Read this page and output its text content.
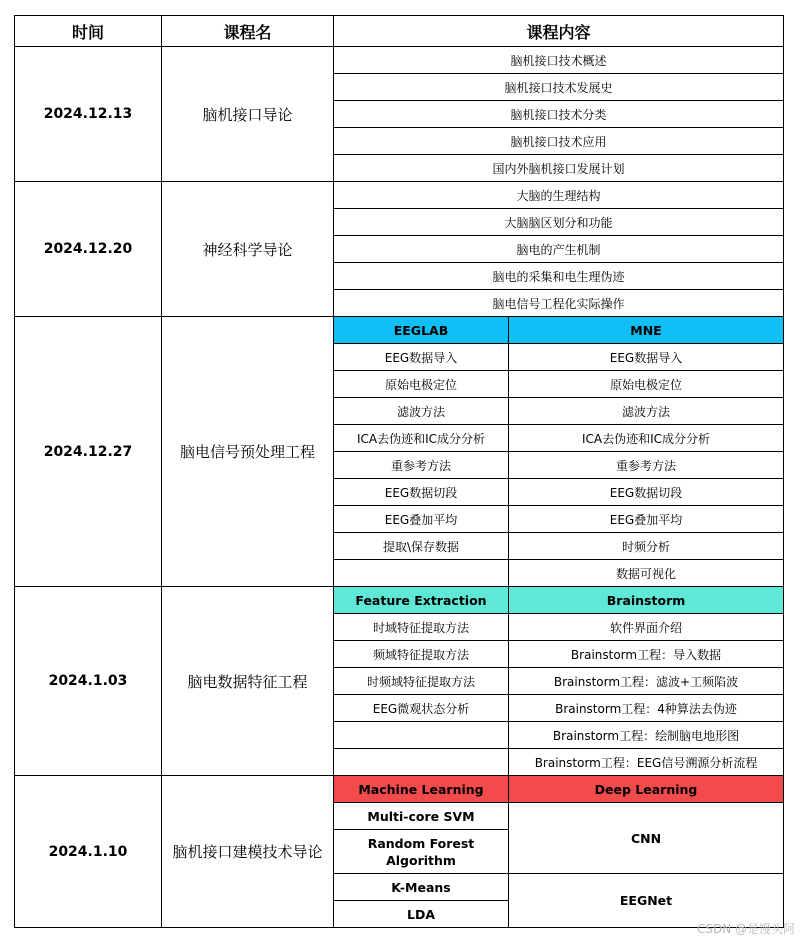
时间	课程名	课程内容	
2024.12.13	脑机接口导论	脑机接口技术概述	
		脑机接口技术发展史	
		脑机接口技术分类	
		脑机接口技术应用	
		国内外脑机接口发展计划	
2024.12.20	神经科学导论	大脑的生理结构	
		大脑脑区划分和功能	
		脑电的产生机制	
		脑电的采集和电生理伪迹	
		脑电信号工程化实际操作	
2024.12.27	脑电信号预处理工程	EEGLAB	MNE
		EEG数据导入	EEG数据导入
		原始电极定位	原始电极定位
		滤波方法	滤波方法
		ICA去伪迹和IC成分分析	ICA去伪迹和IC成分分析
		重参考方法	重参考方法
		EEG数据切段	EEG数据切段
		EEG叠加平均	EEG叠加平均
		提取\保存数据	时频分析
			数据可视化
2024.1.03	脑电数据特征工程	Feature Extraction	Brainstorm
		时域特征提取方法	软件界面介绍
		频域特征提取方法	Brainstorm工程：导入数据
		时频域特征提取方法	Brainstorm工程：滤波+工频陷波
		EEG微观状态分析	Brainstorm工程：4种算法去伪迹
			Brainstorm工程：绘制脑电地形图
			Brainstorm工程：EEG信号溯源分析流程
2024.1.10	脑机接口建模技术导论	Machine Learning	Deep Learning
		Multi-core SVM	CNN
		Random Forest Algorithm	
		K-Means	EEGNet
		LDA	
CSDN @是馒头阿
